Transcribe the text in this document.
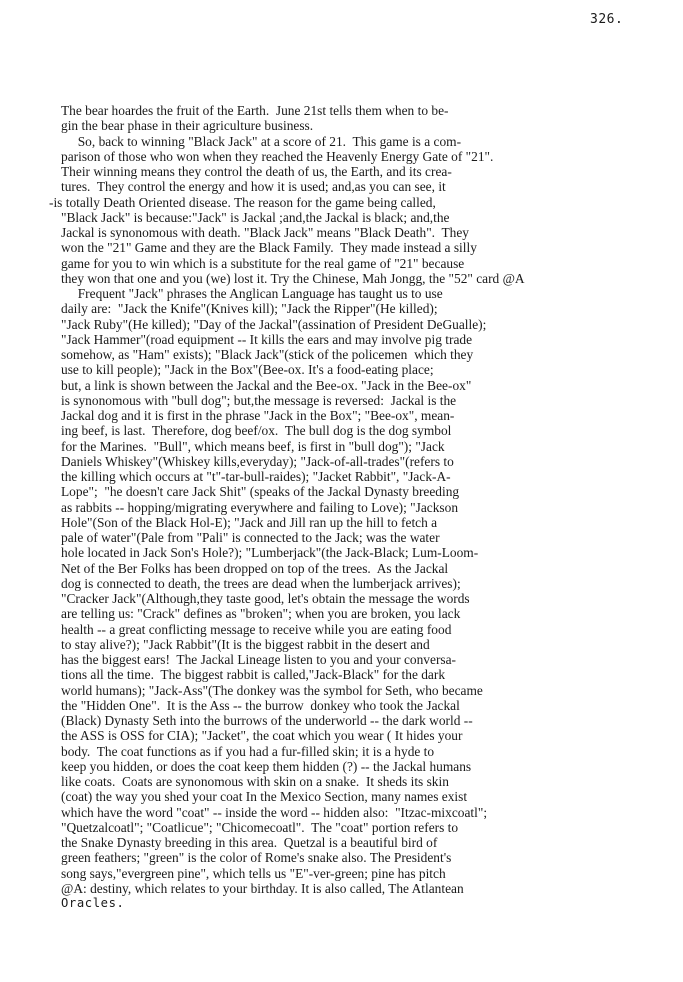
326.
The bear hoardes the fruit of the Earth.  June 21st tells them when to be-
gin the bear phase in their agriculture business.
So, back to winning "Black Jack" at a score of 21.  This game is a com-
parison of those who won when they reached the Heavenly Energy Gate of "21".
Their winning means they control the death of us, the Earth, and its crea-
tures.  They control the energy and how it is used; and,as you can see, it
-is totally Death Oriented disease. The reason for the game being called,
"Black Jack" is because:"Jack" is Jackal ;and,the Jackal is black; and,the
Jackal is synonomous with death. "Black Jack" means "Black Death".  They
won the "21" Game and they are the Black Family.  They made instead a silly
game for you to win which is a substitute for the real game of "21" because
they won that one and you (we) lost it. Try the Chinese, Mah Jongg, the "52" card @A
Frequent "Jack" phrases the Anglican Language has taught us to use
daily are:  "Jack the Knife"(Knives kill); "Jack the Ripper"(He killed);
"Jack Ruby"(He killed); "Day of the Jackal"(assination of President DeGualle);
"Jack Hammer"(road equipment -- It kills the ears and may involve pig trade
somehow, as "Ham" exists); "Black Jack"(stick of the policemen  which they
use to kill people); "Jack in the Box"(Bee-ox. It's a food-eating place;
but, a link is shown between the Jackal and the Bee-ox. "Jack in the Bee-ox"
is synonomous with "bull dog"; but,the message is reversed:  Jackal is the
Jackal dog and it is first in the phrase "Jack in the Box"; "Bee-ox", mean-
ing beef, is last.  Therefore, dog beef/ox.  The bull dog is the dog symbol
for the Marines.  "Bull", which means beef, is first in "bull dog"); "Jack
Daniels Whiskey"(Whiskey kills,everyday); "Jack-of-all-trades"(refers to
the killing which occurs at "t"-tar-bull-raides); "Jacket Rabbit", "Jack-A-
Lope";  "he doesn't care Jack Shit" (speaks of the Jackal Dynasty breeding
as rabbits -- hopping/migrating everywhere and failing to Love); "Jackson
Hole"(Son of the Black Hol-E); "Jack and Jill ran up the hill to fetch a
pale of water"(Pale from "Pali" is connected to the Jack; was the water
hole located in Jack Son's Hole?); "Lumberjack"(the Jack-Black; Lum-Loom-
Net of the Ber Folks has been dropped on top of the trees.  As the Jackal
dog is connected to death, the trees are dead when the lumberjack arrives);
"Cracker Jack"(Although,they taste good, let's obtain the message the words
are telling us: "Crack" defines as "broken"; when you are broken, you lack
health -- a great conflicting message to receive while you are eating food
to stay alive?); "Jack Rabbit"(It is the biggest rabbit in the desert and
has the biggest ears!  The Jackal Lineage listen to you and your conversa-
tions all the time.  The biggest rabbit is called,"Jack-Black" for the dark
world humans); "Jack-Ass"(The donkey was the symbol for Seth, who became
the "Hidden One".  It is the Ass -- the burrow  donkey who took the Jackal
(Black) Dynasty Seth into the burrows of the underworld -- the dark world --
the ASS is OSS for CIA); "Jacket", the coat which you wear ( It hides your
body.  The coat functions as if you had a fur-filled skin; it is a hyde to
keep you hidden, or does the coat keep them hidden (?) -- the Jackal humans
like coats.  Coats are synonomous with skin on a snake.  It sheds its skin
(coat) the way you shed your coat In the Mexico Section, many names exist
which have the word "coat" -- inside the word -- hidden also:  "Itzac-mixcoatl";
"Quetzalcoatl"; "Coatlicue"; "Chicomecoatl".  The "coat" portion refers to
the Snake Dynasty breeding in this area.  Quetzal is a beautiful bird of
green feathers; "green" is the color of Rome's snake also. The President's
song says,"evergreen pine", which tells us "E"-ver-green; pine has pitch
@A: destiny, which relates to your birthday. It is also called, The Atlantean
Oracles.
